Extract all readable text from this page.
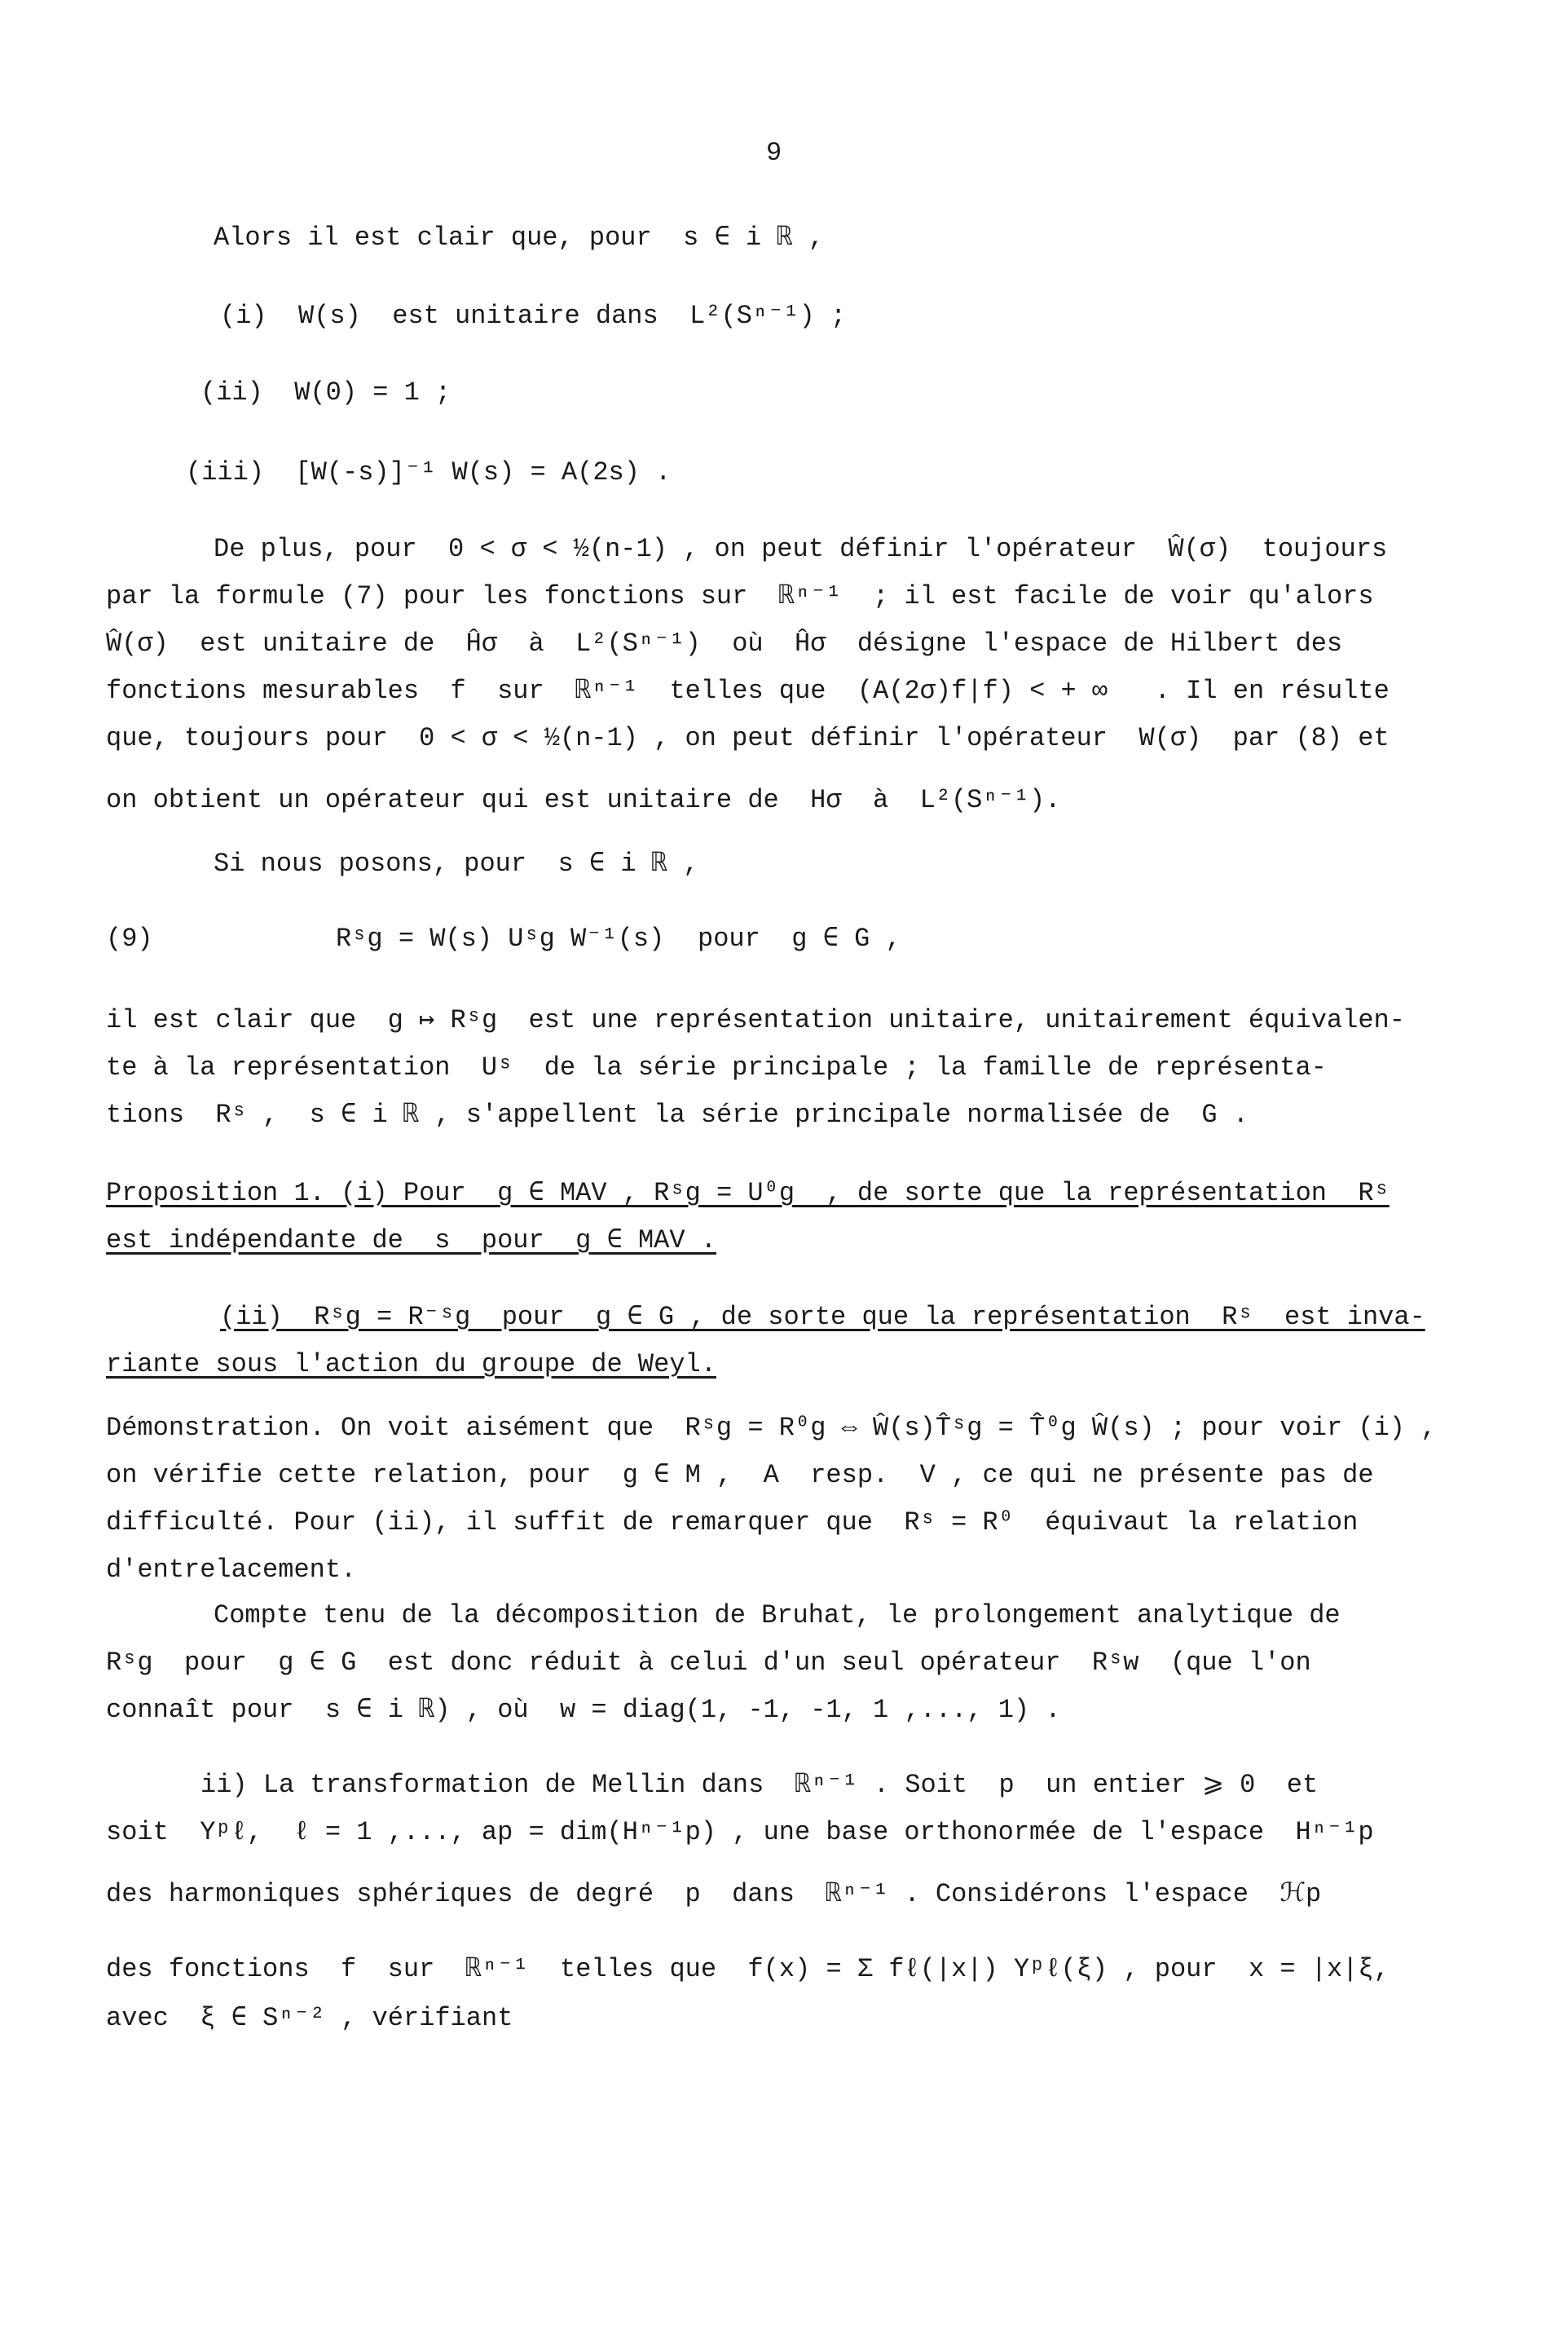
9
Alors il est clair que, pour  s ∈ i ℝ ,
(i)  W(s)  est unitaire dans  L²(Sⁿ⁻¹) ;
(ii)  W(0) = 1 ;
(iii)  [W(-s)]⁻¹ W(s) = A(2s) .
De plus, pour  0 < σ < ½(n-1) , on peut définir l'opérateur  Ŵ(σ)  toujours
par la formule (7) pour les fonctions sur  ℝⁿ⁻¹  ; il est facile de voir qu'alors
Ŵ(σ)  est unitaire de  Ĥσ  à  L²(Sⁿ⁻¹)  où  Ĥσ  désigne l'espace de Hilbert des
fonctions mesurables  f  sur  ℝⁿ⁻¹  telles que  (A(2σ)f|f) < + ∞   . Il en résulte
que, toujours pour  0 < σ < ½(n-1) , on peut définir l'opérateur  W(σ)  par (8) et
on obtient un opérateur qui est unitaire de  Hσ  à  L²(Sⁿ⁻¹).
Si nous posons, pour  s ∈ i ℝ ,
(9)	Rˢg = W(s) Uˢg W⁻¹(s) pour  g ∈ G ,
il est clair que  g ↦ Rˢg  est une représentation unitaire, unitairement équivalen-
te à la représentation  Uˢ  de la série principale ; la famille de représenta-
tions  Rˢ ,  s ∈ i ℝ , s'appellent la série principale normalisée de  G .
Proposition 1. (i) Pour  g ∈ MAV , Rˢg = U⁰g  , de sorte que la représentation  Rˢ
est indépendante de  s  pour  g ∈ MAV .
(ii)  Rˢg = R⁻ˢg  pour  g ∈ G , de sorte que la représentation  Rˢ  est inva-
riante sous l'action du groupe de Weyl.
Démonstration. On voit aisément que  Rˢg = R⁰g ⇔ Ŵ(s)T̂ˢg = T̂⁰g Ŵ(s) ; pour voir (i) ,
on vérifie cette relation, pour  g ∈ M ,  A  resp.  V , ce qui ne présente pas de
difficulté. Pour (ii), il suffit de remarquer que  Rˢ = R⁰  équivaut la relation
d'entrelacement.
Compte tenu de la décomposition de Bruhat, le prolongement analytique de
Rˢg  pour  g ∈ G  est donc réduit à celui d'un seul opérateur  Rˢw  (que l'on
connaît pour  s ∈ i ℝ) , où  w = diag(1, -1, -1, 1 ,..., 1) .
ii) La transformation de Mellin dans  ℝⁿ⁻¹ . Soit  p  un entier ⩾ 0  et
soit  Yᵖℓ,  ℓ = 1 ,..., ap = dim(Hⁿ⁻¹p) , une base orthonormée de l'espace  Hⁿ⁻¹p
des harmoniques sphériques de degré  p  dans  ℝⁿ⁻¹ . Considérons l'espace  ℋp
des fonctions  f  sur  ℝⁿ⁻¹  telles que  f(x) = Σ fℓ(|x|) Yᵖℓ(ξ) , pour  x = |x|ξ,
avec  ξ ∈ Sⁿ⁻² , vérifiant
